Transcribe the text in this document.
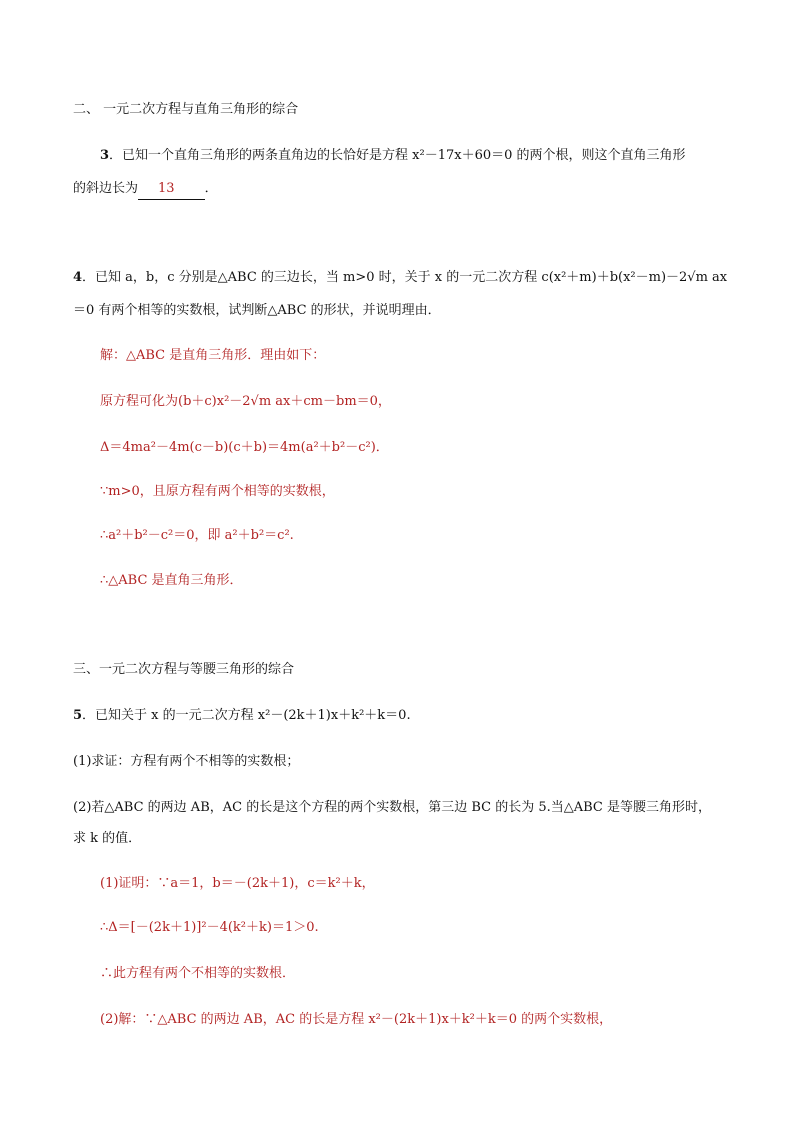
二、 一元二次方程与直角三角形的综合
3．已知一个直角三角形的两条直角边的长恰好是方程 x²－17x＋60＝0 的两个根，则这个直角三角形
的斜边长为 13 ．
4．已知 a，b，c 分别是△ABC 的三边长，当 m>0 时，关于 x 的一元二次方程 c(x²＋m)＋b(x²－m)－2√m ax
＝0 有两个相等的实数根，试判断△ABC 的形状，并说明理由．
解：△ABC 是直角三角形．理由如下：
原方程可化为(b＋c)x²－2√m ax＋cm－bm＝0，
Δ＝4ma²－4m(c－b)(c＋b)＝4m(a²＋b²－c²)．
∵m>0，且原方程有两个相等的实数根，
∴a²＋b²－c²＝0，即 a²＋b²＝c².
∴△ABC 是直角三角形．
三、一元二次方程与等腰三角形的综合
5．已知关于 x 的一元二次方程 x²－(2k＋1)x＋k²＋k＝0.
(1)求证：方程有两个不相等的实数根；
(2)若△ABC 的两边 AB，AC 的长是这个方程的两个实数根，第三边 BC 的长为 5.当△ABC 是等腰三角形时，
求 k 的值．
(1)证明：∵a＝1，b＝－(2k＋1)，c＝k²＋k，
∴Δ＝[－(2k＋1)]²－4(k²＋k)＝1＞0.
∴此方程有两个不相等的实数根．
(2)解：∵△ABC 的两边 AB，AC 的长是方程 x²－(2k＋1)x＋k²＋k＝0 的两个实数根，
